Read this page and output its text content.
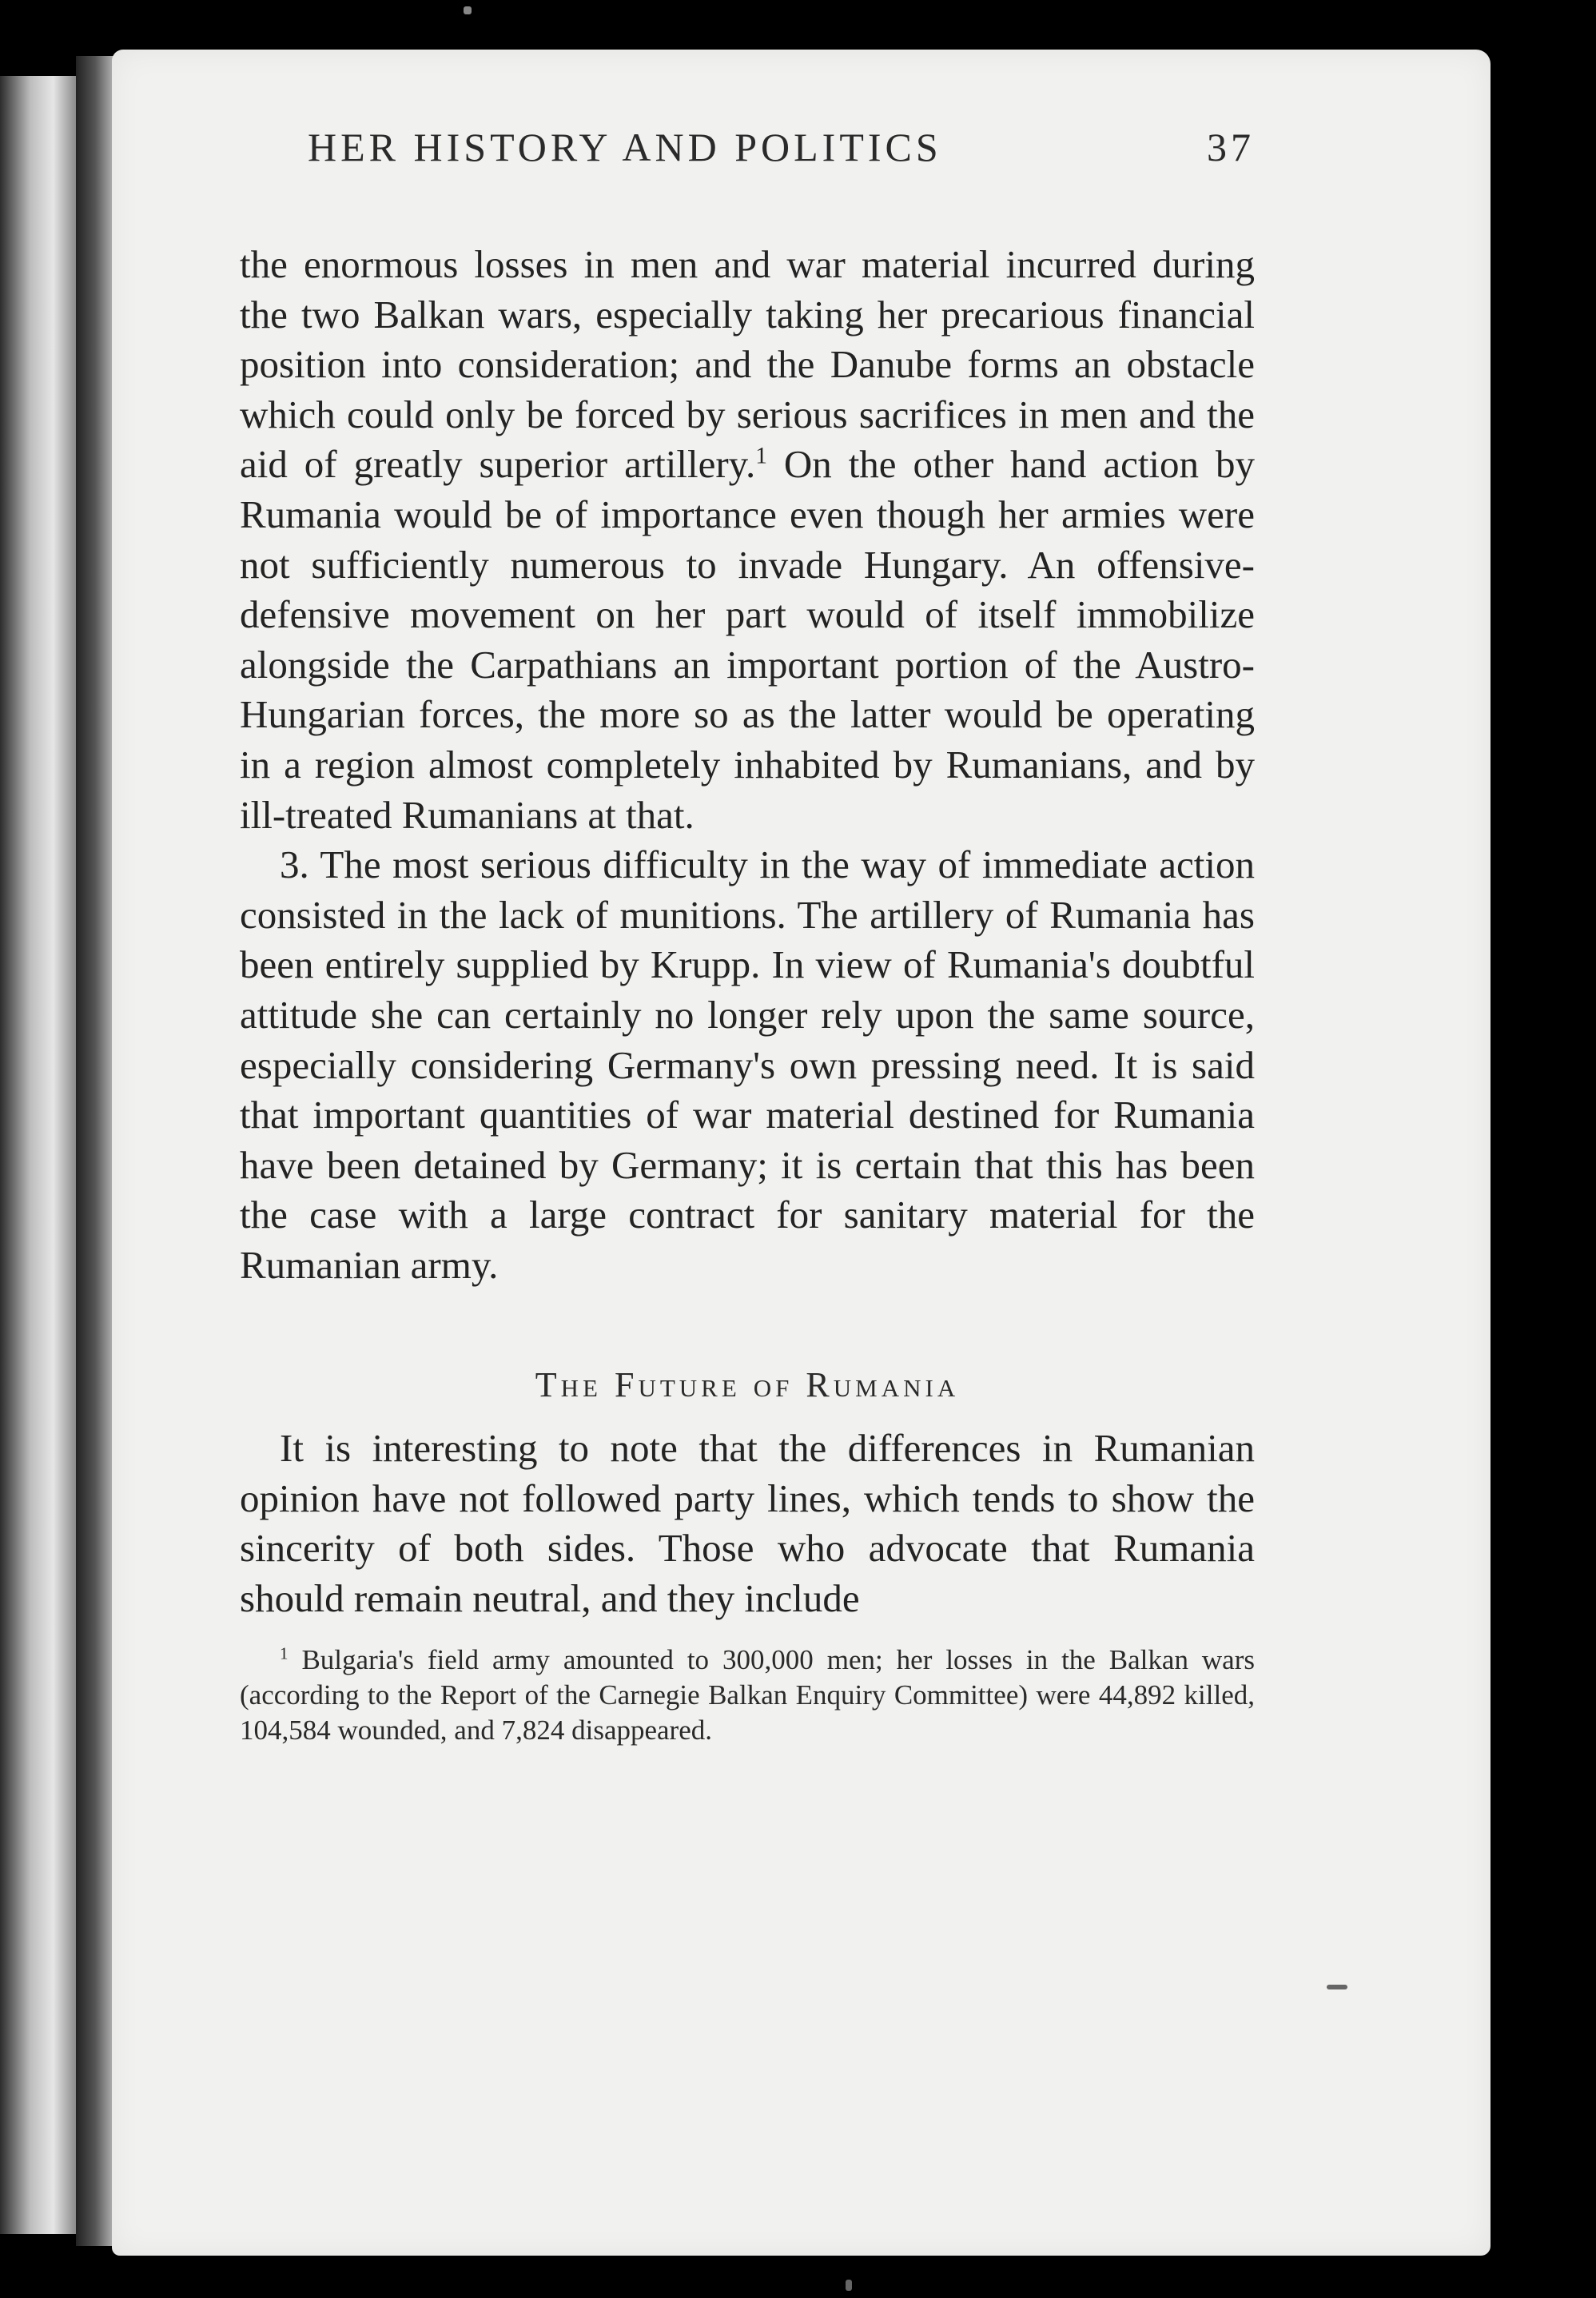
HER HISTORY AND POLITICS	37

the enormous losses in men and war material incurred during the two Balkan wars, especially taking her precarious financial position into consideration; and the Danube forms an obstacle which could only be forced by serious sacrifices in men and the aid of greatly superior artillery.$^1$ On the other hand action by Rumania would be of importance even though her armies were not sufficiently numerous to invade Hungary. An offensive-defensive movement on her part would of itself immobilize alongside the Carpathians an important portion of the Austro-Hungarian forces, the more so as the latter would be operating in a region almost completely inhabited by Rumanians, and by ill-treated Rumanians at that.

3. The most serious difficulty in the way of immediate action consisted in the lack of munitions. The artillery of Rumania has been entirely supplied by Krupp. In view of Rumania's doubtful attitude she can certainly no longer rely upon the same source, especially considering Germany's own pressing need. It is said that important quantities of war material destined for Rumania have been detained by Germany; it is certain that this has been the case with a large contract for sanitary material for the Rumanian army.

The Future of Rumania

It is interesting to note that the differences in Rumanian opinion have not followed party lines, which tends to show the sincerity of both sides. Those who advocate that Rumania should remain neutral, and they include

$^1$ Bulgaria's field army amounted to 300,000 men; her losses in the Balkan wars (according to the Report of the Carnegie Balkan Enquiry Committee) were 44,892 killed, 104,584 wounded, and 7,824 disappeared.
